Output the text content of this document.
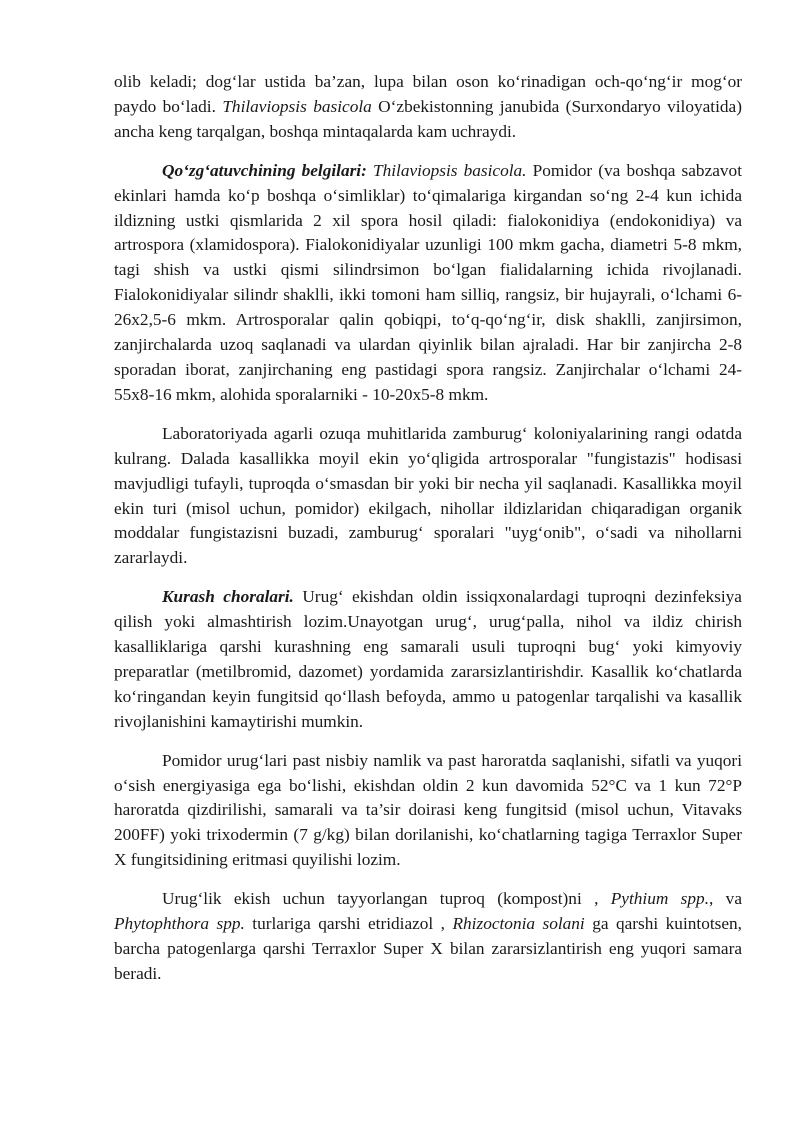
olib keladi; dog‘lar ustida ba’zan, lupa bilan oson ko‘rinadigan och-qo‘ng‘ir mog‘or paydo bo‘ladi. Thilaviopsis basicola O‘zbekistonning janubida (Surxondaryo viloyatida) ancha keng tarqalgan, boshqa mintaqalarda kam uchraydi.

Qo‘zg‘atuvchining belgilari: Thilaviopsis basicola. Pomidor (va boshqa sabzavot ekinlari hamda ko‘p boshqa o‘simliklar) to‘qimalariga kirgandan so‘ng 2-4 kun ichida ildizning ustki qismlarida 2 xil spora hosil qiladi: fialokonidiya (endokonidiya) va artrospora (xlamidospora). Fialokonidiyalar uzunligi 100 mkm gacha, diametri 5-8 mkm, tagi shish va ustki qismi silindrsimon bo‘lgan fialidalarning ichida rivojlanadi. Fialokonidiyalar silindr shaklli, ikki tomoni ham silliq, rangsiz, bir hujayrali, o‘lchami 6-26x2,5-6 mkm. Artrosporalar qalin qobiqpi, to‘q-qo‘ng‘ir, disk shaklli, zanjirsimon, zanjirchalarda uzoq saqlanadi va ulardan qiyinlik bilan ajraladi. Har bir zanjircha 2-8 sporadan iborat, zanjirchaning eng pastidagi spora rangsiz. Zanjirchalar o‘lchami 24-55x8-16 mkm, alohida sporalarniki - 10-20x5-8 mkm.

Laboratoriyada agarli ozuqa muhitlarida zamburug‘ koloniyalarining rangi odatda kulrang. Dalada kasallikka moyil ekin yo‘qligida artrosporalar "fungistazis" hodisasi mavjudligi tufayli, tuproqda o‘smasdan bir yoki bir necha yil saqlanadi. Kasallikka moyil ekin turi (misol uchun, pomidor) ekilgach, nihollar ildizlaridan chiqaradigan organik moddalar fungistazisni buzadi, zamburug‘ sporalari "uyg‘onib", o‘sadi va nihollarni zararlaydi.

Kurash choralari. Urug‘ ekishdan oldin issiqxonalardagi tuproqni dezinfeksiya qilish yoki almashtirish lozim.Unayotgan urug‘, urug‘palla, nihol va ildiz chirish kasalliklariga qarshi kurashning eng samarali usuli tuproqni bug‘ yoki kimyoviy preparatlar (metilbromid, dazomet) yordamida zararsizlantirishdir. Kasallik ko‘chatlarda ko‘ringandan keyin fungitsid qo‘llash befoyda, ammo u patogenlar tarqalishi va kasallik rivojlanishini kamaytirishi mumkin.

Pomidor urug‘lari past nisbiy namlik va past haroratda saqlanishi, sifatli va yuqori o‘sish energiyasiga ega bo‘lishi, ekishdan oldin 2 kun davomida 52°C va 1 kun 72°P haroratda qizdirilishi, samarali va ta’sir doirasi keng fungitsid (misol uchun, Vitavaks 200FF) yoki trixodermin (7 g/kg) bilan dorilanishi, ko‘chatlarning tagiga Terraxlor Super X fungitsidining eritmasi quyilishi lozim.

Urug‘lik ekish uchun tayyorlangan tuproq (kompost)ni , Pythium spp., va Phytophthora spp. turlariga qarshi etridiazol , Rhizoctonia solani ga qarshi kuintotsen, barcha patogenlarga qarshi Terraxlor Super X bilan zararsizlantirish eng yuqori samara beradi.
